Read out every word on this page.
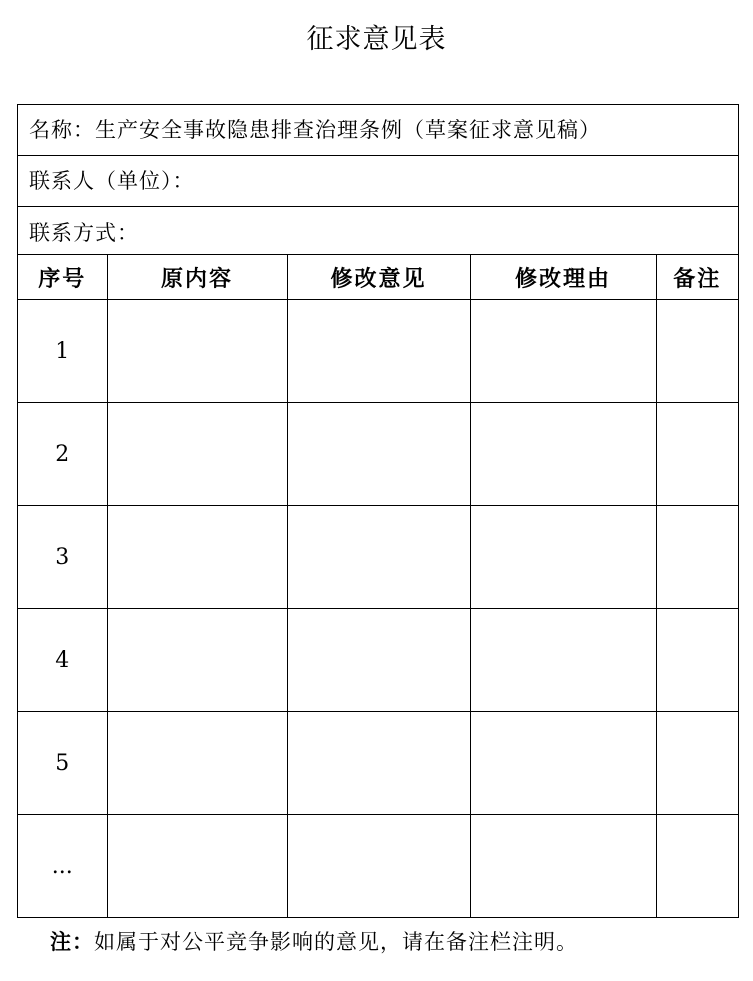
征求意见表
名称：生产安全事故隐患排查治理条例（草案征求意见稿）
联系人（单位）：
联系方式：
序号	原内容	修改意见	修改理由	备注
1				
2				
3				
4				
5				
...				
注：如属于对公平竞争影响的意见，请在备注栏注明。
